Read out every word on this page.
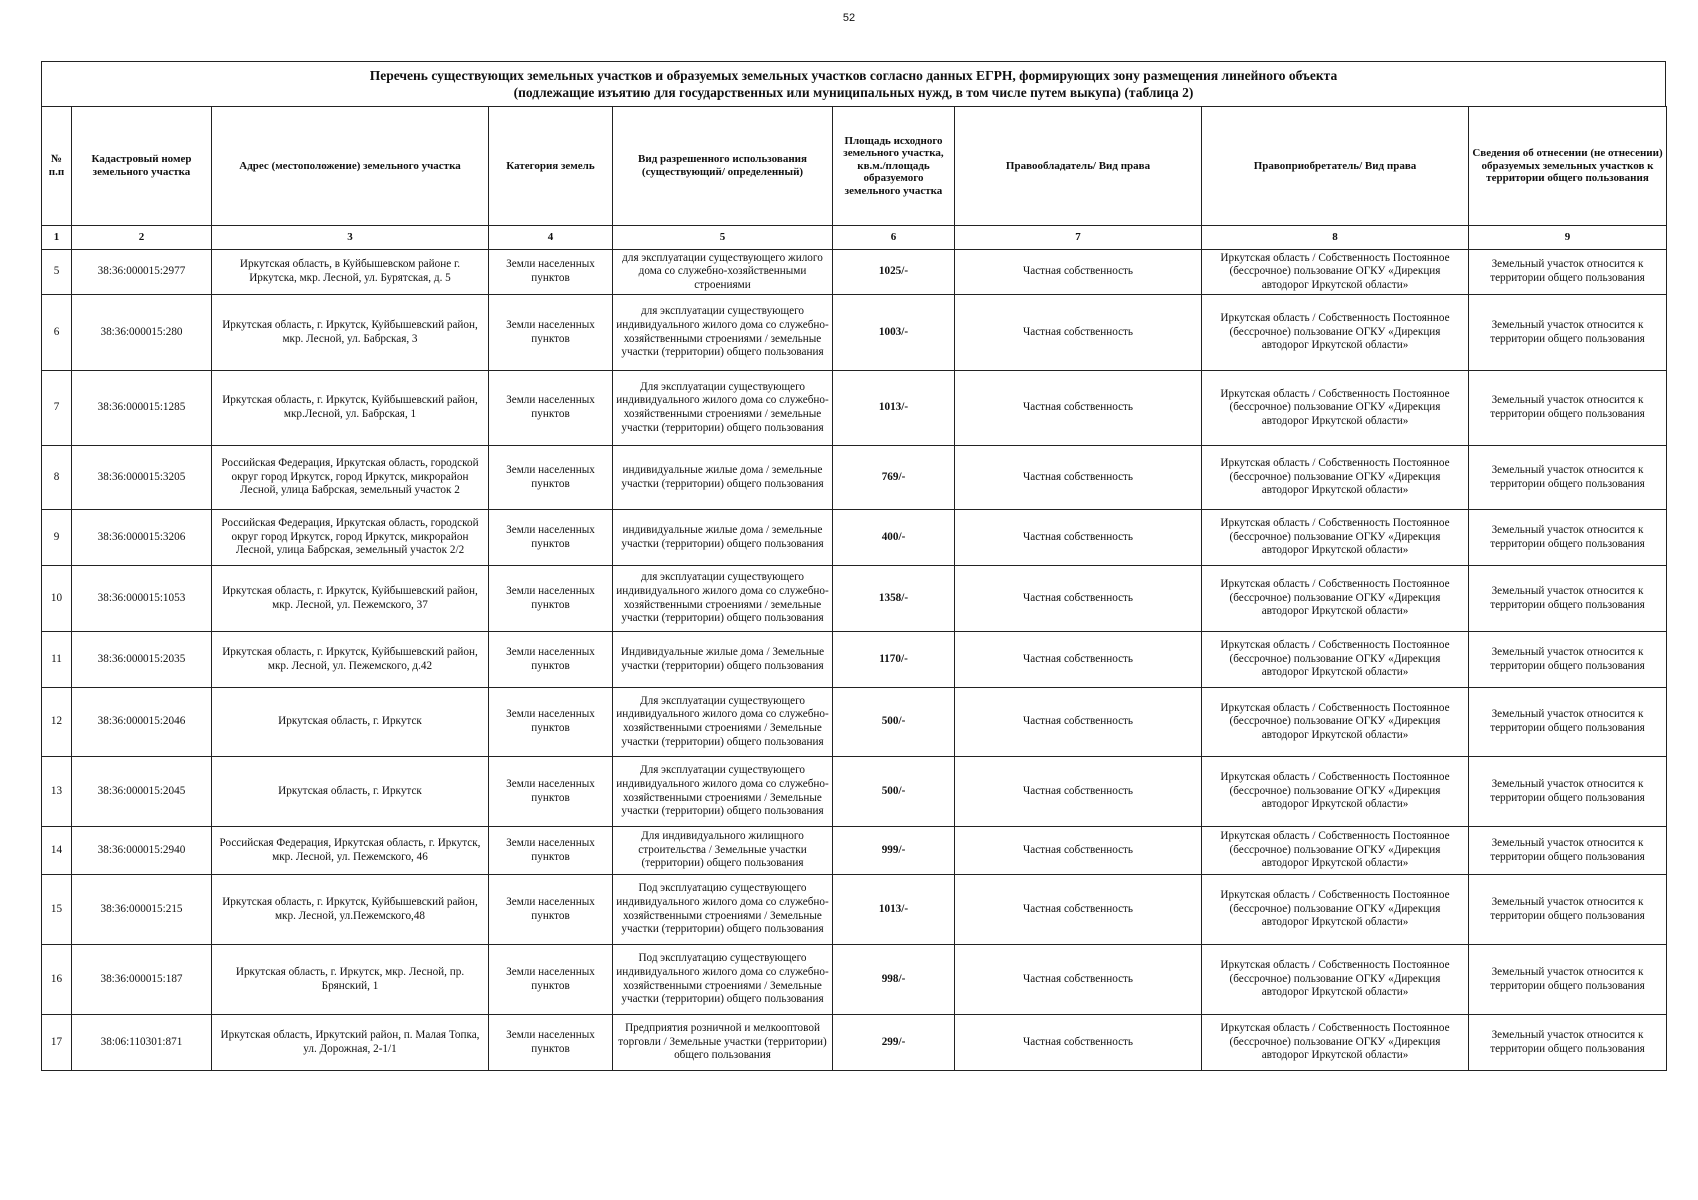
52
Перечень существующих земельных участков и образуемых земельных участков согласно данных ЕГРН, формирующих зону размещения линейного объекта
(подлежащие изъятию для государственных или муниципальных нужд, в том числе путем выкупа) (таблица 2)
№ п.п	Кадастровый номер земельного участка	Адрес (местоположение) земельного участка	Категория земель	Вид разрешенного использования (существующий/ определенный)	Площадь исходного земельного участка, кв.м./площадь образуемого земельного участка	Правообладатель/ Вид права	Правоприобретатель/ Вид права	Сведения об отнесении (не отнесении) образуемых земельных участков к территории общего пользования
1	2	3	4	5	6	7	8	9
5	38:36:000015:2977	Иркутская область, в Куйбышевском районе г. Иркутска, мкр. Лесной, ул. Бурятская, д. 5	Земли населенных пунктов	для эксплуатации существующего жилого дома со служебно-хозяйственными строениями	1025/-	Частная собственность	Иркутская область / Собственность Постоянное (бессрочное) пользование ОГКУ «Дирекция автодорог Иркутской области»	Земельный участок относится к территории общего пользования
6	38:36:000015:280	Иркутская область, г. Иркутск, Куйбышевский район, мкр. Лесной, ул. Бабрская, 3	Земли населенных пунктов	для эксплуатации существующего индивидуального жилого дома со служебно-хозяйственными строениями / земельные участки (территории) общего пользования	1003/-	Частная собственность	Иркутская область / Собственность Постоянное (бессрочное) пользование ОГКУ «Дирекция автодорог Иркутской области»	Земельный участок относится к территории общего пользования
7	38:36:000015:1285	Иркутская область, г. Иркутск, Куйбышевский район, мкр.Лесной, ул. Бабрская, 1	Земли населенных пунктов	Для эксплуатации существующего индивидуального жилого дома со служебно-хозяйственными строениями / земельные участки (территории) общего пользования	1013/-	Частная собственность	Иркутская область / Собственность Постоянное (бессрочное) пользование ОГКУ «Дирекция автодорог Иркутской области»	Земельный участок относится к территории общего пользования
8	38:36:000015:3205	Российская Федерация, Иркутская область, городской округ город Иркутск, город Иркутск, микрорайон Лесной, улица Бабрская, земельный участок 2	Земли населенных пунктов	индивидуальные жилые дома / земельные участки (территории) общего пользования	769/-	Частная собственность	Иркутская область / Собственность Постоянное (бессрочное) пользование ОГКУ «Дирекция автодорог Иркутской области»	Земельный участок относится к территории общего пользования
9	38:36:000015:3206	Российская Федерация, Иркутская область, городской округ город Иркутск, город Иркутск, микрорайон Лесной, улица Бабрская, земельный участок 2/2	Земли населенных пунктов	индивидуальные жилые дома / земельные участки (территории) общего пользования	400/-	Частная собственность	Иркутская область / Собственность Постоянное (бессрочное) пользование ОГКУ «Дирекция автодорог Иркутской области»	Земельный участок относится к территории общего пользования
10	38:36:000015:1053	Иркутская область, г. Иркутск, Куйбышевский район, мкр. Лесной, ул. Пежемского, 37	Земли населенных пунктов	для эксплуатации существующего индивидуального жилого дома со служебно-хозяйственными строениями / земельные участки (территории) общего пользования	1358/-	Частная собственность	Иркутская область / Собственность Постоянное (бессрочное) пользование ОГКУ «Дирекция автодорог Иркутской области»	Земельный участок относится к территории общего пользования
11	38:36:000015:2035	Иркутская область, г. Иркутск, Куйбышевский район, мкр. Лесной, ул. Пежемского, д.42	Земли населенных пунктов	Индивидуальные жилые дома / Земельные участки (территории) общего пользования	1170/-	Частная собственность	Иркутская область / Собственность Постоянное (бессрочное) пользование ОГКУ «Дирекция автодорог Иркутской области»	Земельный участок относится к территории общего пользования
12	38:36:000015:2046	Иркутская область, г. Иркутск	Земли населенных пунктов	Для эксплуатации существующего индивидуального жилого дома со служебно-хозяйственными строениями / Земельные участки (территории) общего пользования	500/-	Частная собственность	Иркутская область / Собственность Постоянное (бессрочное) пользование ОГКУ «Дирекция автодорог Иркутской области»	Земельный участок относится к территории общего пользования
13	38:36:000015:2045	Иркутская область, г. Иркутск	Земли населенных пунктов	Для эксплуатации существующего индивидуального жилого дома со служебно-хозяйственными строениями / Земельные участки (территории) общего пользования	500/-	Частная собственность	Иркутская область / Собственность Постоянное (бессрочное) пользование ОГКУ «Дирекция автодорог Иркутской области»	Земельный участок относится к территории общего пользования
14	38:36:000015:2940	Российская Федерация, Иркутская область, г. Иркутск, мкр. Лесной, ул. Пежемского, 46	Земли населенных пунктов	Для индивидуального жилищного строительства / Земельные участки (территории) общего пользования	999/-	Частная собственность	Иркутская область / Собственность Постоянное (бессрочное) пользование ОГКУ «Дирекция автодорог Иркутской области»	Земельный участок относится к территории общего пользования
15	38:36:000015:215	Иркутская область, г. Иркутск, Куйбышевский район, мкр. Лесной, ул.Пежемского,48	Земли населенных пунктов	Под эксплуатацию существующего индивидуального жилого дома со служебно-хозяйственными строениями / Земельные участки (территории) общего пользования	1013/-	Частная собственность	Иркутская область / Собственность Постоянное (бессрочное) пользование ОГКУ «Дирекция автодорог Иркутской области»	Земельный участок относится к территории общего пользования
16	38:36:000015:187	Иркутская область, г. Иркутск, мкр. Лесной, пр. Брянский, 1	Земли населенных пунктов	Под эксплуатацию существующего индивидуального жилого дома со служебно-хозяйственными строениями / Земельные участки (территории) общего пользования	998/-	Частная собственность	Иркутская область / Собственность Постоянное (бессрочное) пользование ОГКУ «Дирекция автодорог Иркутской области»	Земельный участок относится к территории общего пользования
17	38:06:110301:871	Иркутская область, Иркутский район, п. Малая Топка, ул. Дорожная, 2-1/1	Земли населенных пунктов	Предприятия розничной и мелкооптовой торговли / Земельные участки (территории) общего пользования	299/-	Частная собственность	Иркутская область / Собственность Постоянное (бессрочное) пользование ОГКУ «Дирекция автодорог Иркутской области»	Земельный участок относится к территории общего пользования
